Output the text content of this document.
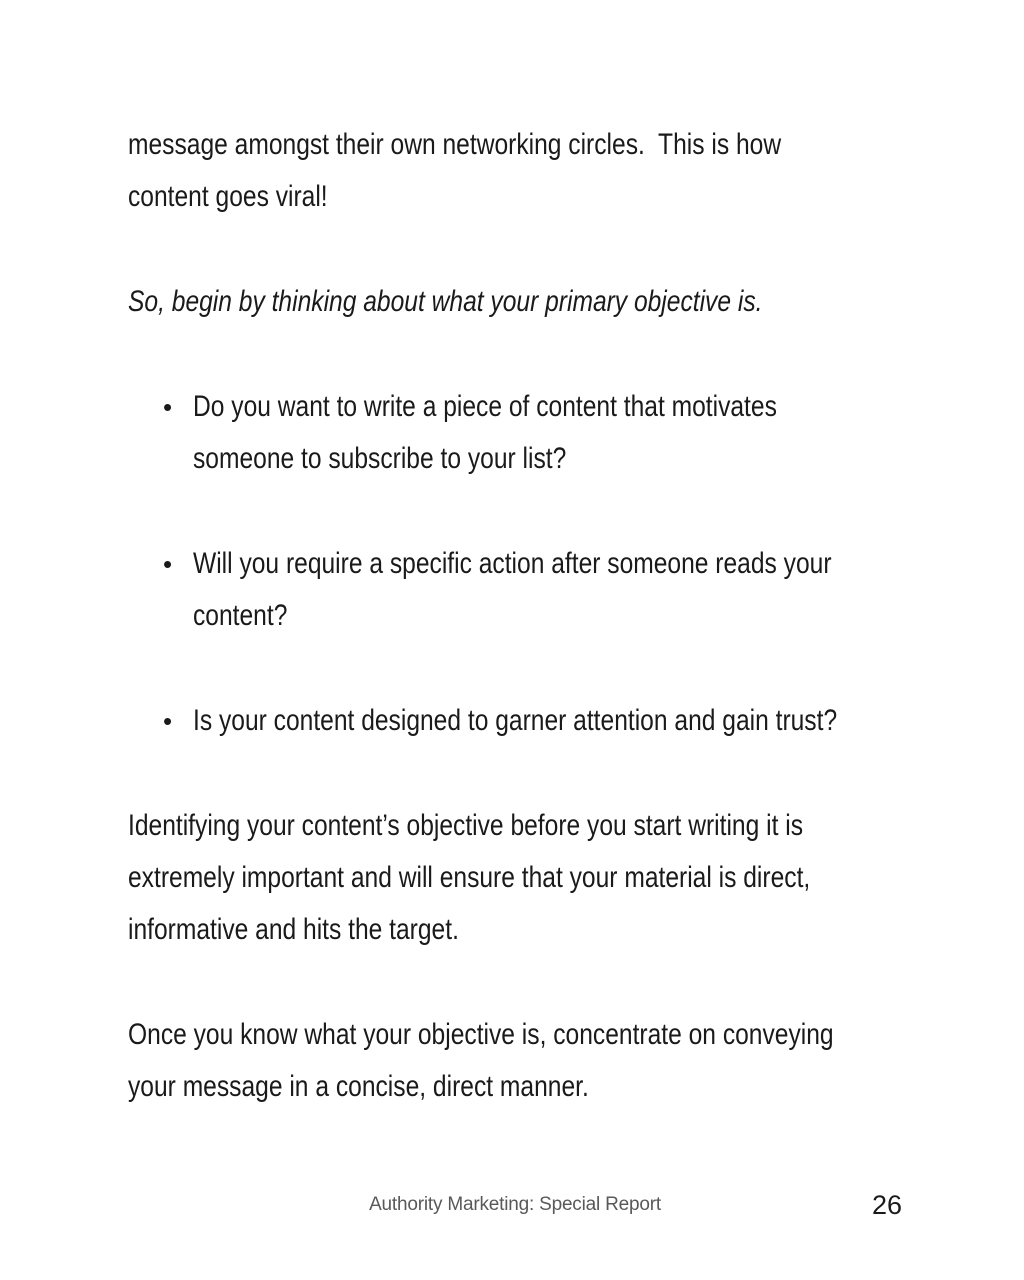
message amongst their own networking circles.  This is how
content goes viral!
So, begin by thinking about what your primary objective is.
• Do you want to write a piece of content that motivates
someone to subscribe to your list?
• Will you require a specific action after someone reads your
content?
• Is your content designed to garner attention and gain trust?
Identifying your content’s objective before you start writing it is
extremely important and will ensure that your material is direct,
informative and hits the target.
Once you know what your objective is, concentrate on conveying
your message in a concise, direct manner.
Authority Marketing: Special Report	26
